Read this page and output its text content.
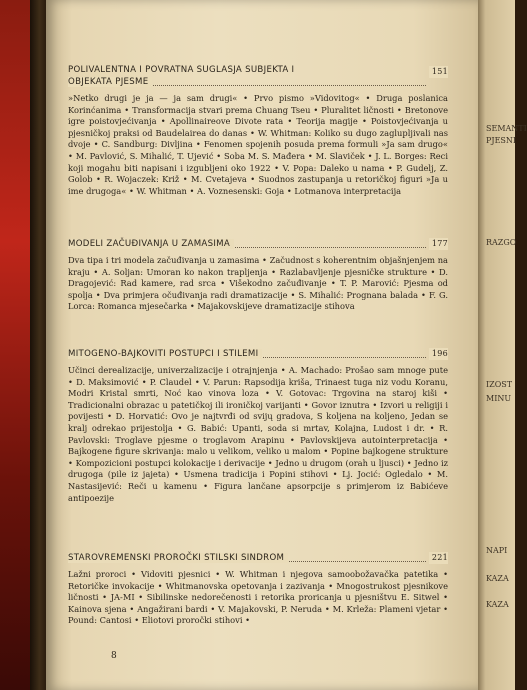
SEMANTI
PJESNI
RAZGO
IZOST
MINU
NAPI
KAZA
KAZA
POLIVALENTNA I POVRATNA SUGLASJA SUBJEKTA I
OBJEKATA PJESME
151
»Netko drugi je ja — ja sam drugi« • Prvo pismo »Vidovitog« • Druga poslanica Korinćanima • Transformacija stvari prema Chuang Tseu • Pluralitet ličnosti • Bretonove igre poistovjećivanja • Apollinaireove Divote rata • Teorija magije • Poistovjećivanja u pjesničkoj praksi od Baudelairea do danas • W. Whitman: Koliko su dugo zaglupljivali nas dvoje • C. Sandburg: Divljina • Fenomen spojenih posuda prema formuli »Ja sam drugo« • M. Pavlović, S. Mihalić, T. Ujević • Soba M. S. Mađera • M. Slaviček • J. L. Borges: Reci koji mogahu biti napisani i izgubljeni oko 1922 • V. Popa: Daleko u nama • P. Gudelj, Z. Golob • R. Wojaczek: Križ • M. Cvetajeva • Suodnos zastupanja u retoričkoj figuri »Ja u ime drugoga« • W. Whitman • A. Voznesenski: Goja • Lotmanova interpretacija
MODELI ZAČUĐIVANJA U ZAMASIMA	177
Dva tipa i tri modela začuđivanja u zamasima • Začudnost s koherentnim objašnjenjem na kraju • A. Soljan: Umoran ko nakon trapljenja • Razlabavljenje pjesničke strukture • D. Dragojević: Rad kamere, rad srca • Višekodno začuđivanje • T. P. Marović: Pjesma od spolja • Dva primjera očuđivanja radi dramatizacije • S. Mihalić: Prognana balada • F. G. Lorca: Romanca mjesečarka • Majakovskijeve dramatizacije stihova
MITOGENO-BAJKOVITI POSTUPCI I STILEMI	196
Učinci derealizacije, univerzalizacije i otrajnjenja • A. Machado: Prošao sam mnoge pute • D. Maksimović • P. Claudel • V. Parun: Rapsodija kriša, Trinaest tuga niz vodu Koranu, Modri Kristal smrti, Noć kao vinova loza • V. Gotovac: Trgovina na staroj kiši • Tradicionalni obrazac u patetičkoj ili ironičkoj varijanti • Govor iznutra • Izvori u religiji i povijesti • D. Horvatić: Ovo je najtvrđi od svijų gradova, S koljena na koljeno, Jedan se kralj odrekao prijestolja • G. Babić: Upanti, soda si mrtav, Kolajna, Ludost i dr. • R. Pavlovski: Troglave pjesme o troglavom Arapinu • Pavlovskijeva autointerpretacija • Bajkogene figure skrivanja: malo u velikom, veliko u malom • Popine bajkogene strukture • Kompozicioni postupci kolokacije i derivacije • Jedno u drugom (orah u ljusci) • Jedno iz drugoga (pile iz jajeta) • Usmena tradicija i Popini stihovi • Lj. Jocić: Ogledalo • M. Nastasijević: Reči u kamenu • Figura lančane apsorpcije s primjerom iz Babićeve antipoezije
STAROVREMENSKI PROROČKI STILSKI SINDROM	221
Lažni proroci • Vidoviti pjesnici • W. Whitman i njegova samoobožavačka patetika • Retoričke invokacije • Whitmanovska opetovanja i zazivanja • Mnogostrukost pjesnikove ličnosti • JA-MI • Sibilinske nedorečenosti i retorika proricanja u pjesništvu E. Sitwel • Kainova sjena • Angažirani bardi • V. Majakovski, P. Neruda • M. Krleža: Plameni vjetar • Pound: Cantosi • Eliotovi proročki stihovi •
8
